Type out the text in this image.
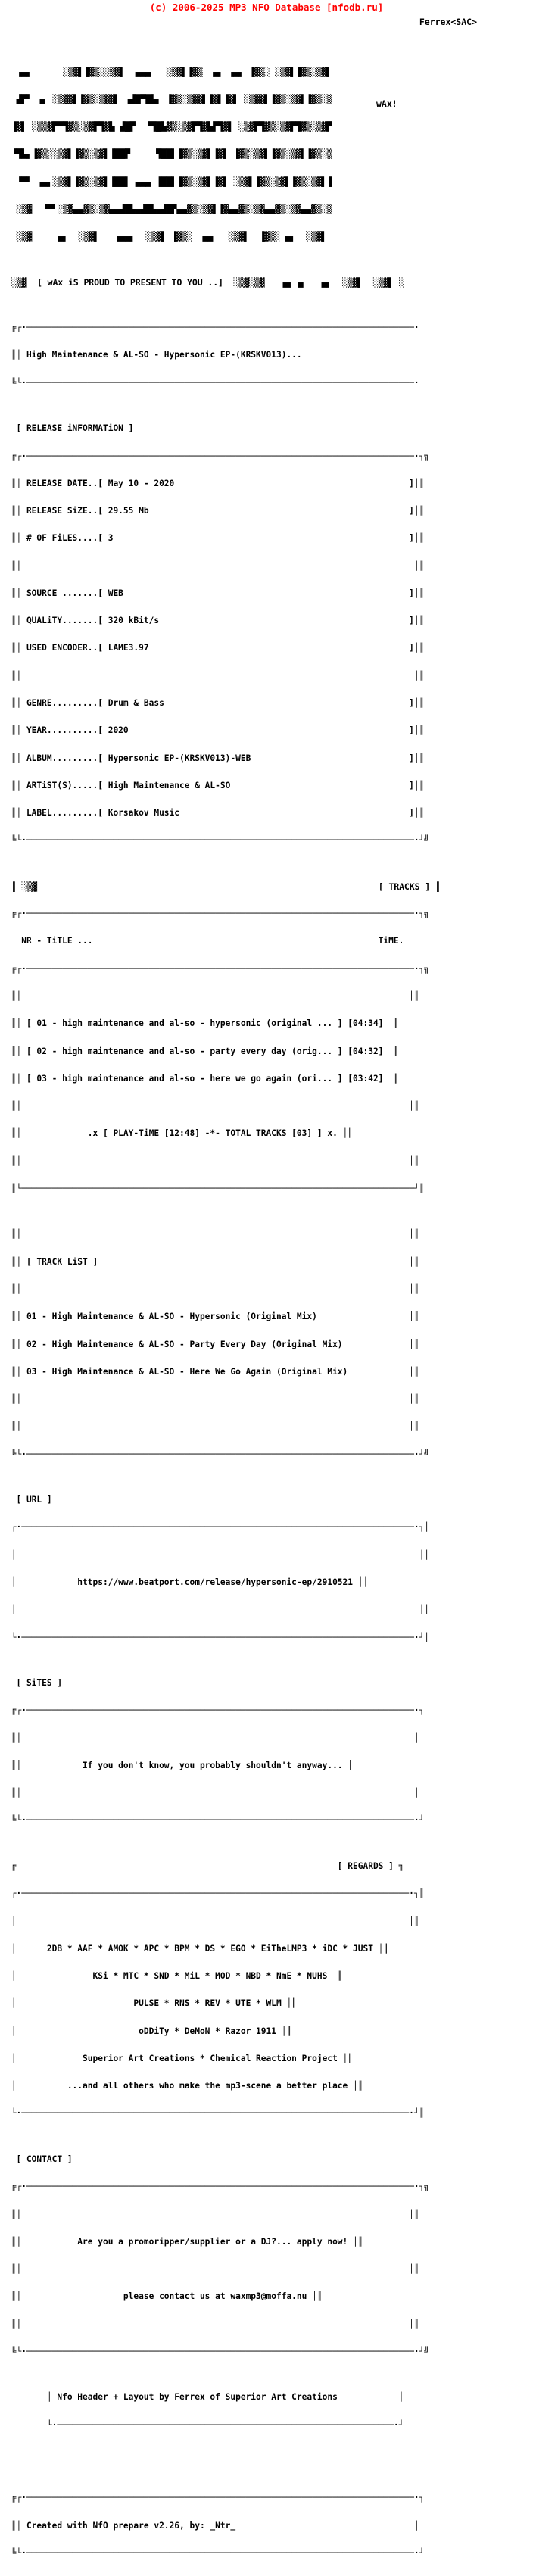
(c) 2006-2025 MP3 NFO Database [nfodb.ru]
Ferrex<SAC>
wAx!

▗▄▖      ░▒▓▌▐▓▒░░▒▓▌  ▄▄▄   ░▒▓▌▐▓▒  ▄▖ ▗▄▖ ▐▓▒░ ░▒▓▌▐▓▒░▒▓▌

▟▛▘ ▗▖ ░▒▓▓▌▐▓▒░▒▓▓▌ ▗▟█▀█▙▖ ▐▓▒░▒▓▓▌▐▓▌▐▓▌ ░▒▓▓▌▐▓▒░▒▓▌▐▓▒░▒

▐▓▌ ░▒▒▓▛▀▜▓▒░▒▓▛▜▓▙ ▟█▛  ▝▜█▙▓▒░▒▓▛▜▓▙▛▜▓▌ ░▒▓▛▜▓▒░▒▓▛▜▓▒░▒▓▛

▝▜▙▖▐▓▒░░▒▓▌▐▓▒░▒▓▌▐██▛     ▜██▌▐▓▒░▒▓▌▐▓▌ ▐▓▒░▒▓▌▐▓▒░▒▓▌▐▓▒░▒

▝▀▘ ▗▄▖░▒▓▌▐▓▒░▒▓▌▐██▌ ▄▄▄ ▐██▌▐▓▒░▒▓▌▐▓▌ ░▒▓▌▐▓▒░▒▓▌▐▓▒░▒▓▌▐

░▒▓  ▝▀▘░▒▓▄▄▓▒░▒▓▄▄▟█▙▄▟█▙▄▟█▛▄▄▓▒░▒▓▌▐▓▄▄▓▒░▒▓▄▄▓▒░▒▓▄▄▓▒░▒

░▒▓     ▄▖  ░▒▓▌   ▗▄▄▖  ░▒▓▌ ▐▓▒░  ▄▄   ░▒▓▌  ▐▓▒░ ▄▖  ░▒▓▌

░▒▓  [ wAx iS PROUD TO PRESENT TO YOU ..]  ░▒▓░▒▓   ▗▄ ▗▖   ▄▖  ░▒▓▌  ░▒▓▌ ░

╔┌·────────────────────────────────────────────────────────────────────────────·

║│ High Maintenance & AL-SO - Hypersonic EP-(KRSKV013)...

╚└·────────────────────────────────────────────────────────────────────────────·

[ RELEASE iNFORMATiON ]

╔┌·────────────────────────────────────────────────────────────────────────────·┐╗

║│ RELEASE DATE..[ May 10 - 2020                                              ]│║

║│ RELEASE SiZE..[ 29.55 Mb                                                   ]│║

║│ # OF FiLES....[ 3                                                          ]│║

║│                                                                             │║

║│ SOURCE .......[ WEB                                                        ]│║

║│ QUALiTY.......[ 320 kBit/s                                                 ]│║

║│ USED ENCODER..[ LAME3.97                                                   ]│║

║│                                                                             │║

║│ GENRE.........[ Drum & Bass                                                ]│║

║│ YEAR..........[ 2020                                                       ]│║

║│ ALBUM.........[ Hypersonic EP-(KRSKV013)-WEB                               ]│║

║│ ARTiST(S).....[ High Maintenance & AL-SO                                   ]│║

║│ LABEL.........[ Korsakov Music                                             ]│║

╚└·────────────────────────────────────────────────────────────────────────────·┘╝

║ ░▒▓                                                                  [ TRACKS ] ║

╔┌·────────────────────────────────────────────────────────────────────────────·┐╗

NR - TiTLE ...                                                        TiME.

╔┌·────────────────────────────────────────────────────────────────────────────·┐╗

║│                                                                            │║

║│ [ 01 - high maintenance and al-so - hypersonic (original ... ] [04:34] │║

║│ [ 02 - high maintenance and al-so - party every day (orig... ] [04:32] │║

║│ [ 03 - high maintenance and al-so - here we go again (ori... ] [03:42] │║

║│                                                                            │║

║│             .x [ PLAY-TiME [12:48] -*- TOTAL TRACKS [03] ] x. │║

║│                                                                            │║

║└─────────────────────────────────────────────────────────────────────────────┘║

║│                                                                            │║

║│ [ TRACK LiST ]                                                             │║

║│                                                                            │║

║│ 01 - High Maintenance & AL-SO - Hypersonic (Original Mix)                  │║

║│ 02 - High Maintenance & AL-SO - Party Every Day (Original Mix)             │║

║│ 03 - High Maintenance & AL-SO - Here We Go Again (Original Mix)            │║

║│                                                                            │║

║│                                                                            │║

╚└·────────────────────────────────────────────────────────────────────────────·┘╝

[ URL ]

┌·─────────────────────────────────────────────────────────────────────────────·┐│

│                                                                               ││

│            https://www.beatport.com/release/hypersonic-ep/2910521 ││

│                                                                               ││

└·─────────────────────────────────────────────────────────────────────────────·┘│

[ SiTES ]

╔┌·────────────────────────────────────────────────────────────────────────────·┐

║│                                                                             │

║│            If you don't know, you probably shouldn't anyway... │

║│                                                                             │

╚└·────────────────────────────────────────────────────────────────────────────·┘

╔                                                               [ REGARDS ] ╗

┌·────────────────────────────────────────────────────────────────────────────·┐║

│                                                                             │║

│      2DB * AAF * AMOK * APC * BPM * DS * EGO * EiTheLMP3 * iDC * JUST │║

│               KSi * MTC * SND * MiL * MOD * NBD * NmE * NUHS │║

│                       PULSE * RNS * REV * UTE * WLM │║

│                        oDDiTy * DeMoN * Razor 1911 │║

│             Superior Art Creations * Chemical Reaction Project │║

│          ...and all others who make the mp3-scene a better place │║

└·────────────────────────────────────────────────────────────────────────────·┘║

[ CONTACT ]

╔┌·────────────────────────────────────────────────────────────────────────────·┐╗

║│                                                                            │║

║│           Are you a promoripper/supplier or a DJ?... apply now! │║

║│                                                                            │║

║│                    please contact us at waxmp3@moffa.nu │║

║│                                                                            │║

╚└·────────────────────────────────────────────────────────────────────────────·┘╝

│ Nfo Header + Layout by Ferrex of Superior Art Creations            │

└·──────────────────────────────────────────────────────────────────·┘

╔┌·────────────────────────────────────────────────────────────────────────────·┐

║│ Created with NfO prepare v2.26, by: _Ntr_                                   │

╚└·────────────────────────────────────────────────────────────────────────────·┘
